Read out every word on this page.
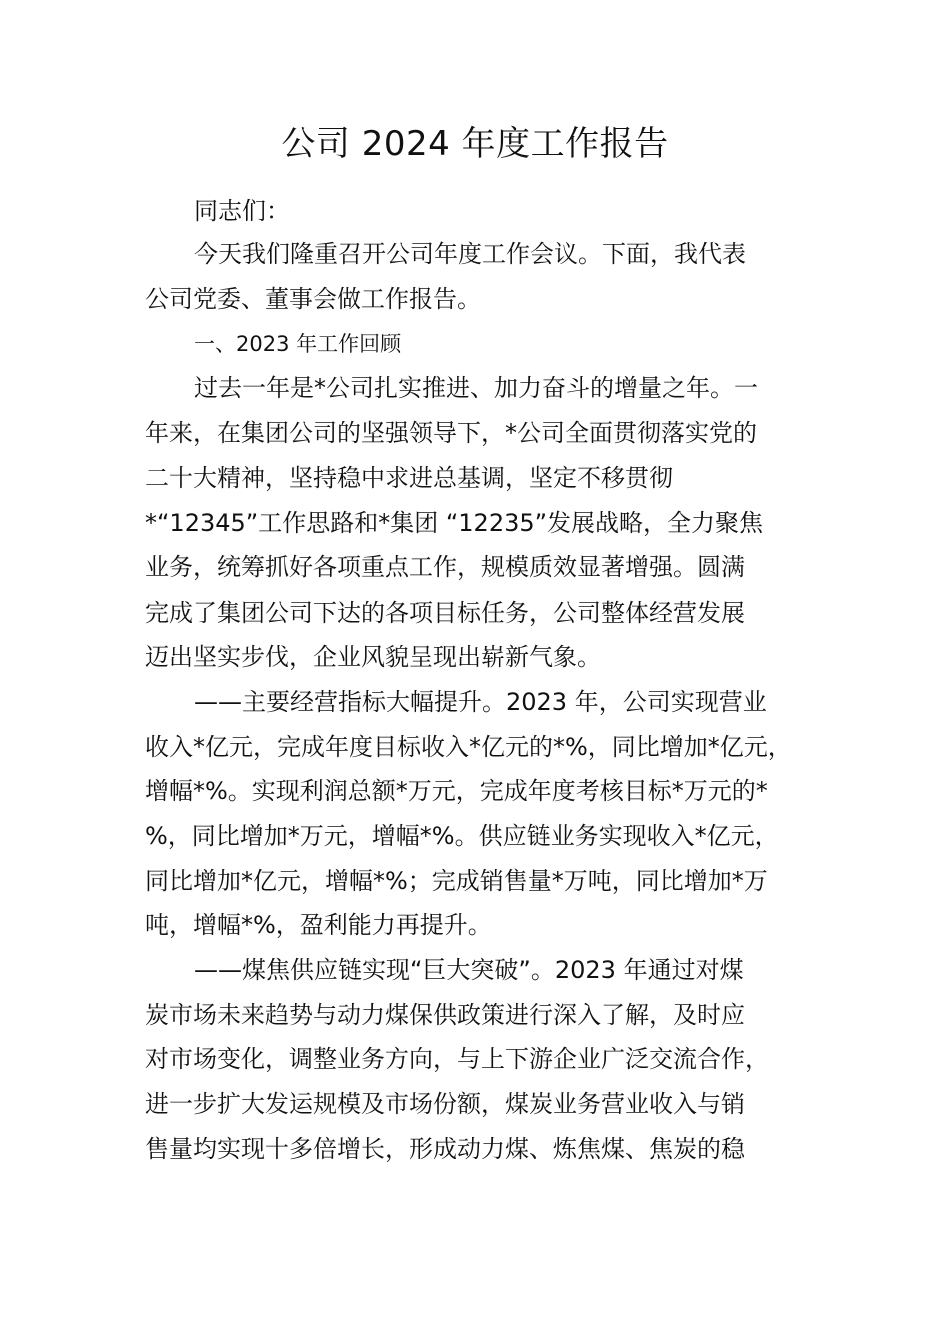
公司 2024 年度工作报告
同志们：
今天我们隆重召开公司年度工作会议。下面，我代表
公司党委、董事会做工作报告。
一、2023 年工作回顾
过去一年是*公司扎实推进、加力奋斗的增量之年。一
年来，在集团公司的坚强领导下，*公司全面贯彻落实党的
二十大精神，坚持稳中求进总基调，坚定不移贯彻
*“12345”工作思路和*集团 “12235”发展战略，全力聚焦
业务，统筹抓好各项重点工作，规模质效显著增强。圆满
完成了集团公司下达的各项目标任务，公司整体经营发展
迈出坚实步伐，企业风貌呈现出崭新气象。
——主要经营指标大幅提升。2023 年，公司实现营业
收入*亿元，完成年度目标收入*亿元的*%，同比增加*亿元，
增幅*%。实现利润总额*万元，完成年度考核目标*万元的*
%，同比增加*万元，增幅*%。供应链业务实现收入*亿元，
同比增加*亿元，增幅*%；完成销售量*万吨，同比增加*万
吨，增幅*%，盈利能力再提升。
——煤焦供应链实现“巨大突破”。2023 年通过对煤
炭市场未来趋势与动力煤保供政策进行深入了解，及时应
对市场变化，调整业务方向，与上下游企业广泛交流合作，
进一步扩大发运规模及市场份额，煤炭业务营业收入与销
售量均实现十多倍增长，形成动力煤、炼焦煤、焦炭的稳
